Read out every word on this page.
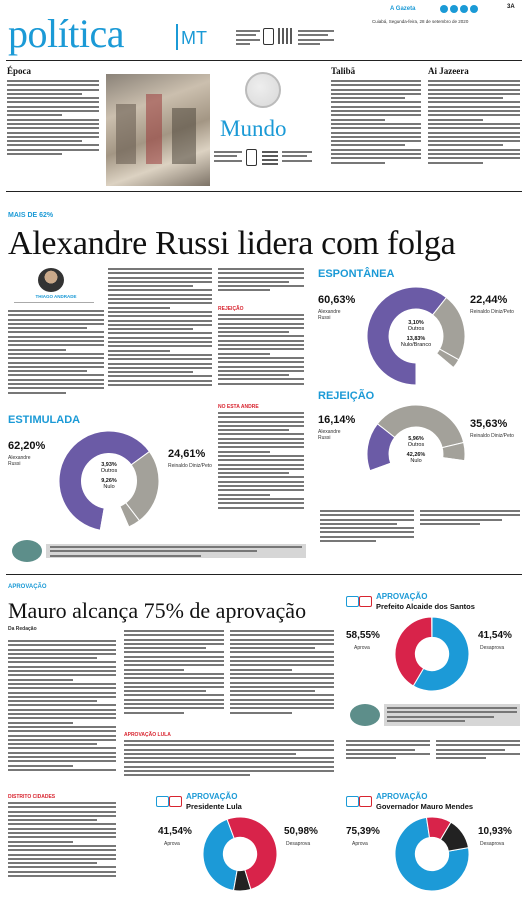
política	MT
A Gazeta	3A
Cuiabá, Segunda-feira, 28 de setembro de 2020
Época
Mundo
Talibã	Ai Jazeera
MAIS DE 62%
Alexandre Russi lidera com folga
THIAGO ANDRADE
REJEIÇÃO
NO ESTA ANDRE
ESPONTÂNEA
60,63%
Alexandre Russi
22,44%
Reinaldo Diniz/Peto
3,10%
Outros
13,83%
Nulo/Branco
REJEIÇÃO
16,14%
Alexandre Russi
35,63%
Reinaldo Diniz/Peto
5,96%
Outros
42,26%
Nulo
ESTIMULADA
62,20%
Alexandre Russi
24,61%
Reinaldo Diniz/Peto
3,93%
Outros
9,26%
Nulo
APROVAÇÃO
Mauro alcança 75% de aprovação
Da Redação
DISTRITO CIDADES
APROVAÇÃO LULA
APROVAÇÃO
Prefeito Alcaide dos Santos
58,55%
Aprova
41,54%
Desaprova
0,1%
APROVAÇÃO
Presidente Lula
41,54%
Aprova
50,98%
Desaprova
7,48%
APROVAÇÃO
Governador Mauro Mendes
75,39%
Aprova
10,93%
Desaprova
13,68%
